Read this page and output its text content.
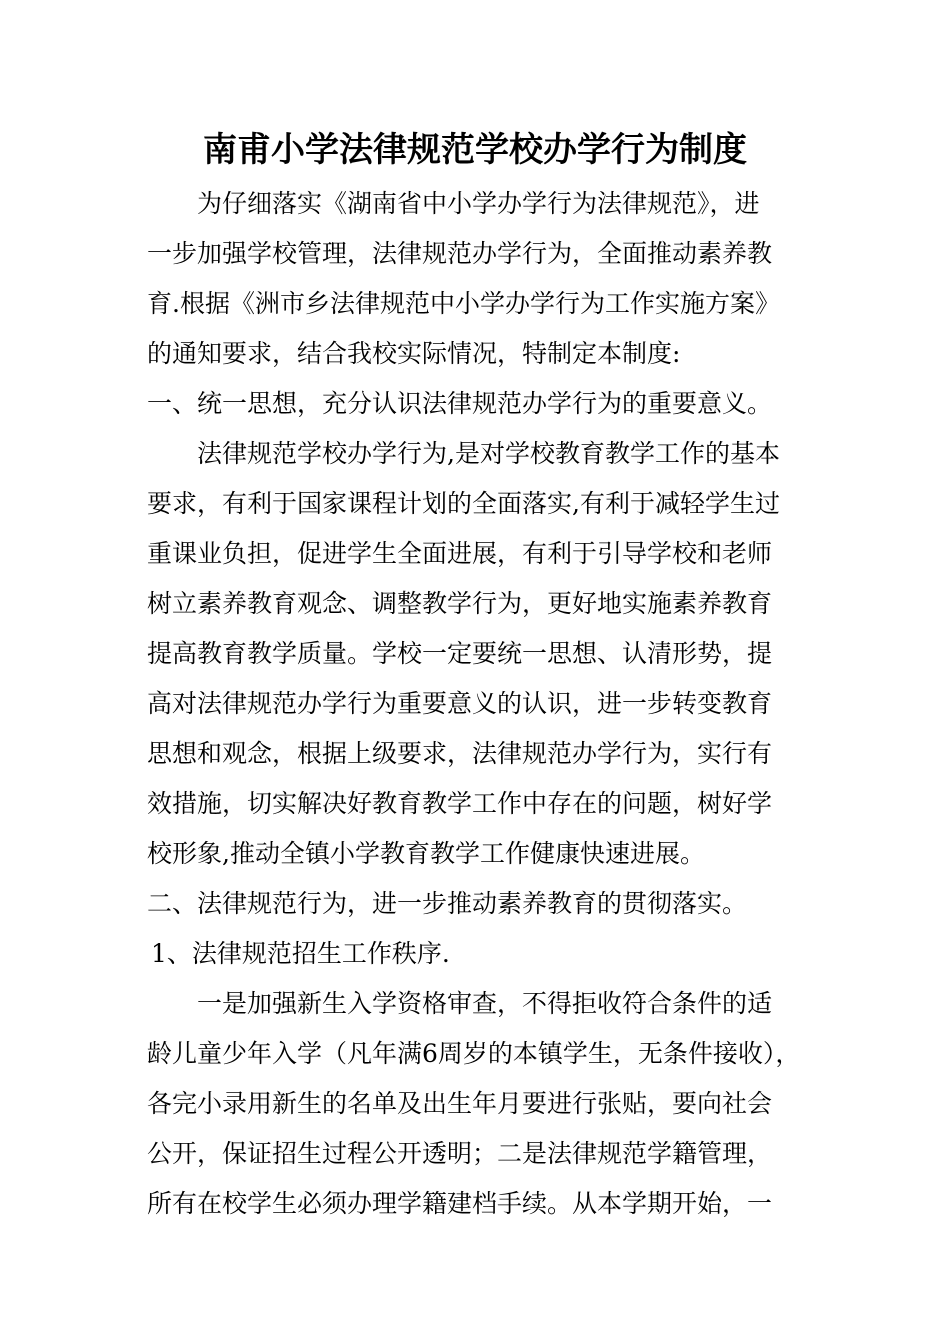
南甫小学法律规范学校办学行为制度
为仔细落实《湖南省中小学办学行为法律规范》，进
一步加强学校管理，法律规范办学行为，全面推动素养教
育.根据《洲市乡法律规范中小学办学行为工作实施方案》
的通知要求，结合我校实际情况，特制定本制度:
一、统一思想，充分认识法律规范办学行为的重要意义。
法律规范学校办学行为,是对学校教育教学工作的基本
要求，有利于国家课程计划的全面落实,有利于减轻学生过
重课业负担，促进学生全面进展，有利于引导学校和老师
树立素养教育观念、调整教学行为，更好地实施素养教育
提高教育教学质量。学校一定要统一思想、认清形势，提
高对法律规范办学行为重要意义的认识，进一步转变教育
思想和观念，根据上级要求，法律规范办学行为，实行有
效措施，切实解决好教育教学工作中存在的问题，树好学
校形象,推动全镇小学教育教学工作健康快速进展。
二、法律规范行为，进一步推动素养教育的贯彻落实。
1、法律规范招生工作秩序.
一是加强新生入学资格审查，不得拒收符合条件的适
龄儿童少年入学（凡年满6周岁的本镇学生，无条件接收），
各完小录用新生的名单及出生年月要进行张贴，要向社会
公开，保证招生过程公开透明；二是法律规范学籍管理，
所有在校学生必须办理学籍建档手续。从本学期开始，一
